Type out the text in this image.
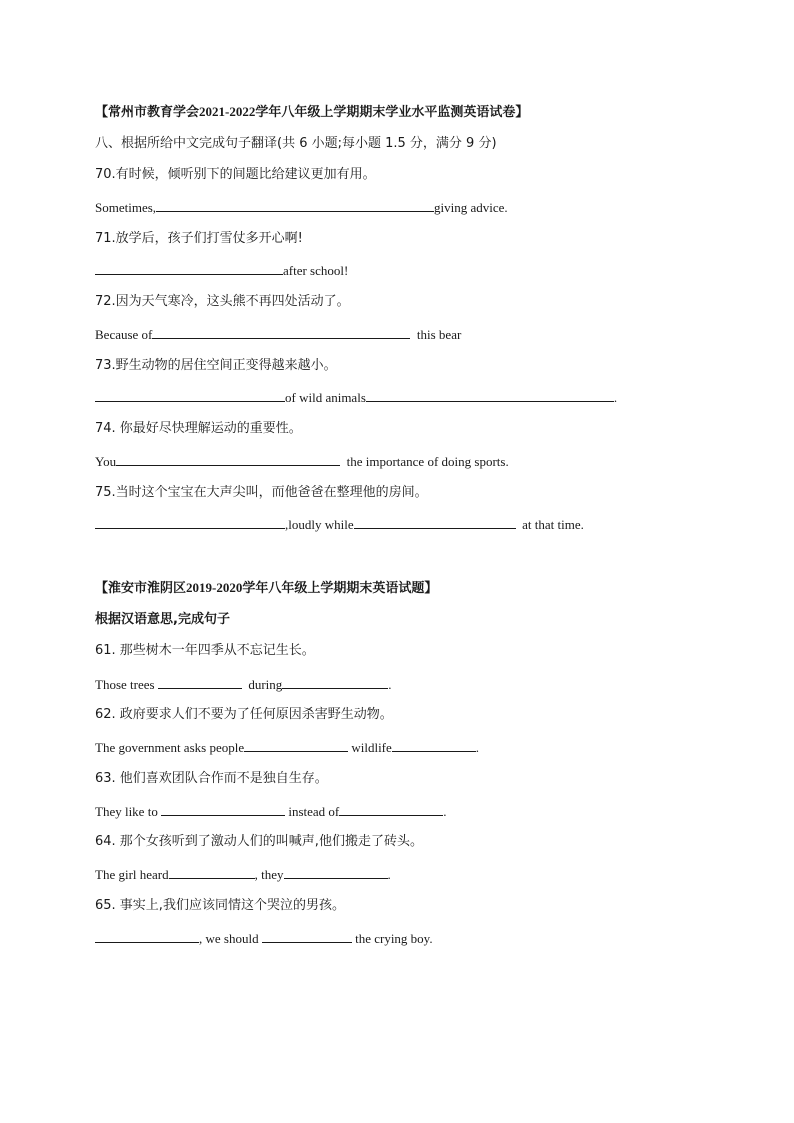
【常州市教育学会2021-2022学年八年级上学期期末学业水平监测英语试卷】
八、根据所给中文完成句子翻译(共 6 小题;每小题 1.5 分，满分 9 分)
70.有时候，倾听别下的间题比给建议更加有用。
Sometimes,	giving advice.
71.放学后，孩子们打雪仗多开心啊!
after school!
72.因为天气寒冷，这头熊不再四处活动了。
Because of	this bear
73.野生动物的居住空间正变得越来越小。
of wild animals	.
74. 你最好尽快理解运动的重要性。
You	the importance of doing sports.
75.当时这个宝宝在大声尖叫，而他爸爸在整理他的房间。
,loudly while	at that time.
【淮安市淮阴区2019-2020学年八年级上学期期末英语试题】
根据汉语意思,完成句子
61. 那些树木一年四季从不忘记生长。
Those trees	during	.
62. 政府要求人们不要为了任何原因杀害野生动物。
The government asks people	wildlife	.
63. 他们喜欢团队合作而不是独自生存。
They like to	instead of	.
64. 那个女孩听到了激动人们的叫喊声,他们搬走了砖头。
The girl heard	, they	.
65. 事实上,我们应该同情这个哭泣的男孩。
, we should	the crying boy.
